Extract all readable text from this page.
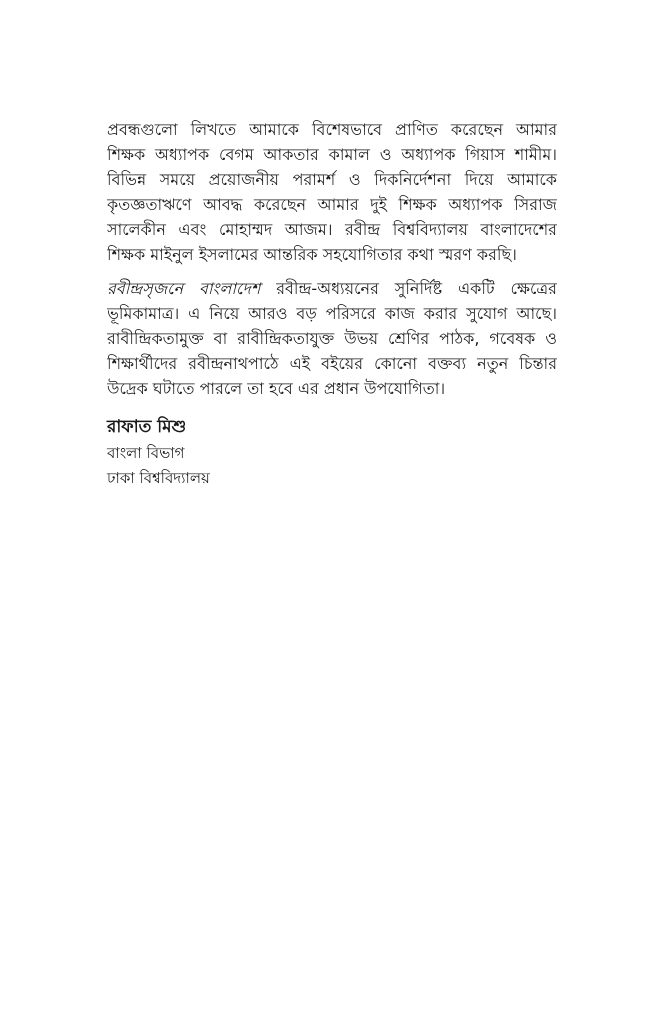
প্রবন্ধগুলো লিখতে আমাকে বিশেষভাবে প্রাণিত করেছেন আমার
শিক্ষক অধ্যাপক বেগম আকতার কামাল ও অধ্যাপক গিয়াস শামীম।
বিভিন্ন সময়ে প্রয়োজনীয় পরামর্শ ও দিকনির্দেশনা দিয়ে আমাকে
কৃতজ্ঞতাঋণে আবদ্ধ করেছেন আমার দুই শিক্ষক অধ্যাপক সিরাজ
সালেকীন এবং মোহাম্মদ আজম। রবীন্দ্র বিশ্ববিদ্যালয় বাংলাদেশের
শিক্ষক মাইনুল ইসলামের আন্তরিক সহযোগিতার কথা স্মরণ করছি।

রবীন্দ্রসৃজনে বাংলাদেশ রবীন্দ্র-অধ্যয়নের সুনির্দিষ্ট একটি ক্ষেত্রের
ভূমিকামাত্র। এ নিয়ে আরও বড় পরিসরে কাজ করার সুযোগ আছে।
রাবীন্দ্রিকতামুক্ত বা রাবীন্দ্রিকতাযুক্ত উভয় শ্রেণির পাঠক, গবেষক ও
শিক্ষার্থীদের রবীন্দ্রনাথপাঠে এই বইয়ের কোনো বক্তব্য নতুন চিন্তার
উদ্রেক ঘটাতে পারলে তা হবে এর প্রধান উপযোগিতা।

রাফাত মিশু
বাংলা বিভাগ
ঢাকা বিশ্ববিদ্যালয়
